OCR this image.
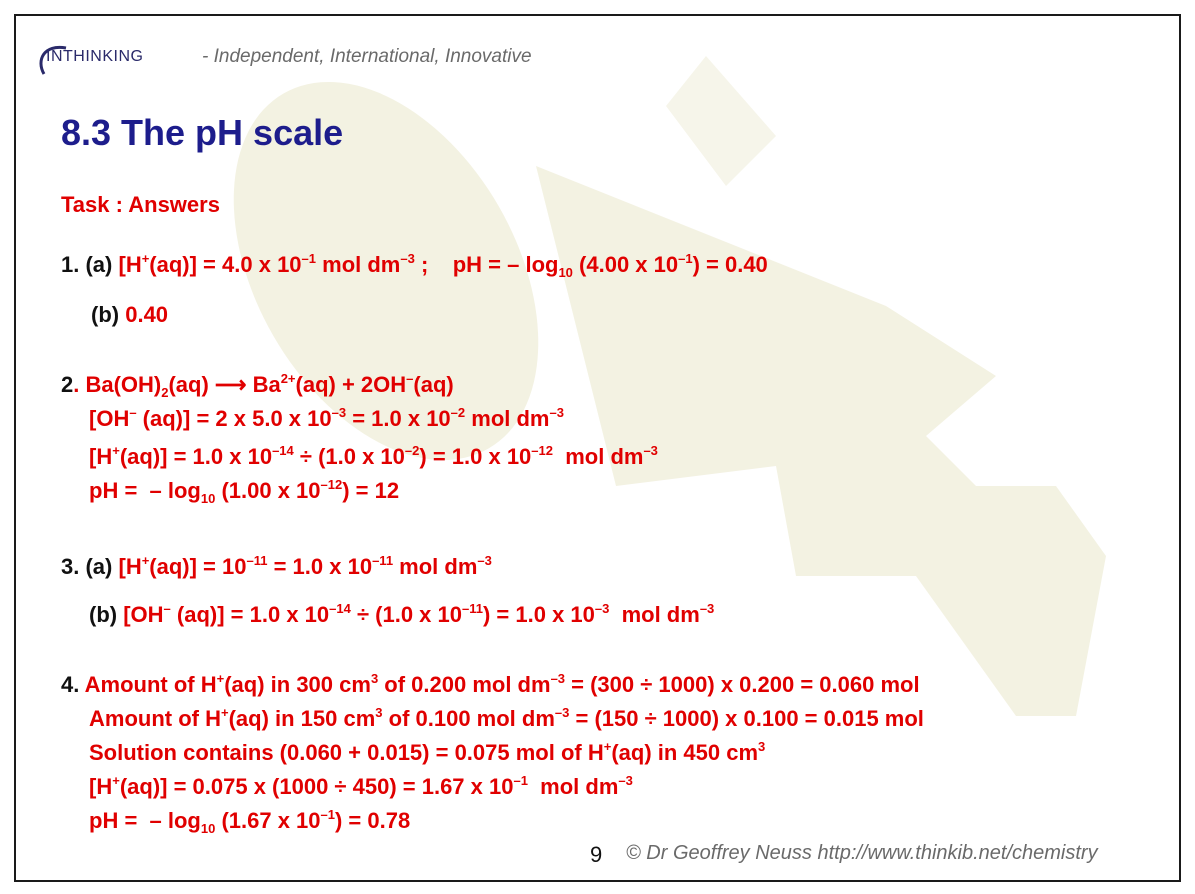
INTHINKING	- Independent, International, Innovative
8.3 The pH scale
Task : Answers
1. (a) [H+(aq)] = 4.0 x $10^{-1}$ mol $dm^{-3}$ ;    pH = – $\log_{10} (4.00$ x $10^{-1}) = 0.40$
(b) 0.40
2. $Ba(OH)_2(aq)$ ⟶ $Ba^{2+}(aq) + 2OH^-(aq)$
[OH– (aq)] = 2 x 5.0 x $10^{-3} = 1.0$ x $10^{-2}$ mol $dm^{-3}$
[H+(aq)] = 1.0 x $10^{-14} \div (1.0$ x $10^{-2}) = 1.0$ x $10^{-12}$  mol $dm^{-3}$
pH =  – $\log_{10} (1.00$ x $10^{-12}) = 12$
3. (a) $[H^+(aq)] = 10^{-11} = 1.0$ x $10^{-11}$ mol $dm^{-3}$
(b) [OH– (aq)] = 1.0 x $10^{-14} \div (1.0$ x $10^{-11}) = 1.0$ x $10^{-3}$  mol $dm^{-3}$
4. Amount of H+(aq) in 300 $cm^3$ of 0.200 mol $dm^{-3} = (300 \div 1000)$ x 0.200 = 0.060 mol
Amount of H+(aq) in 150 $cm^3$ of 0.100 mol $dm^{-3} = (150 \div 1000)$ x 0.100 = 0.015 mol
Solution contains (0.060 + 0.015) = 0.075 mol of H+(aq) in 450 $cm^3$
[H+(aq)] = 0.075 x (1000 ÷ 450) = 1.67 x $10^{-1}$  mol $dm^{-3}$
pH =  – $\log_{10} (1.67$ x $10^{-1}) = 0.78$
9 © Dr Geoffrey Neuss http://www.thinkib.net/chemistry
